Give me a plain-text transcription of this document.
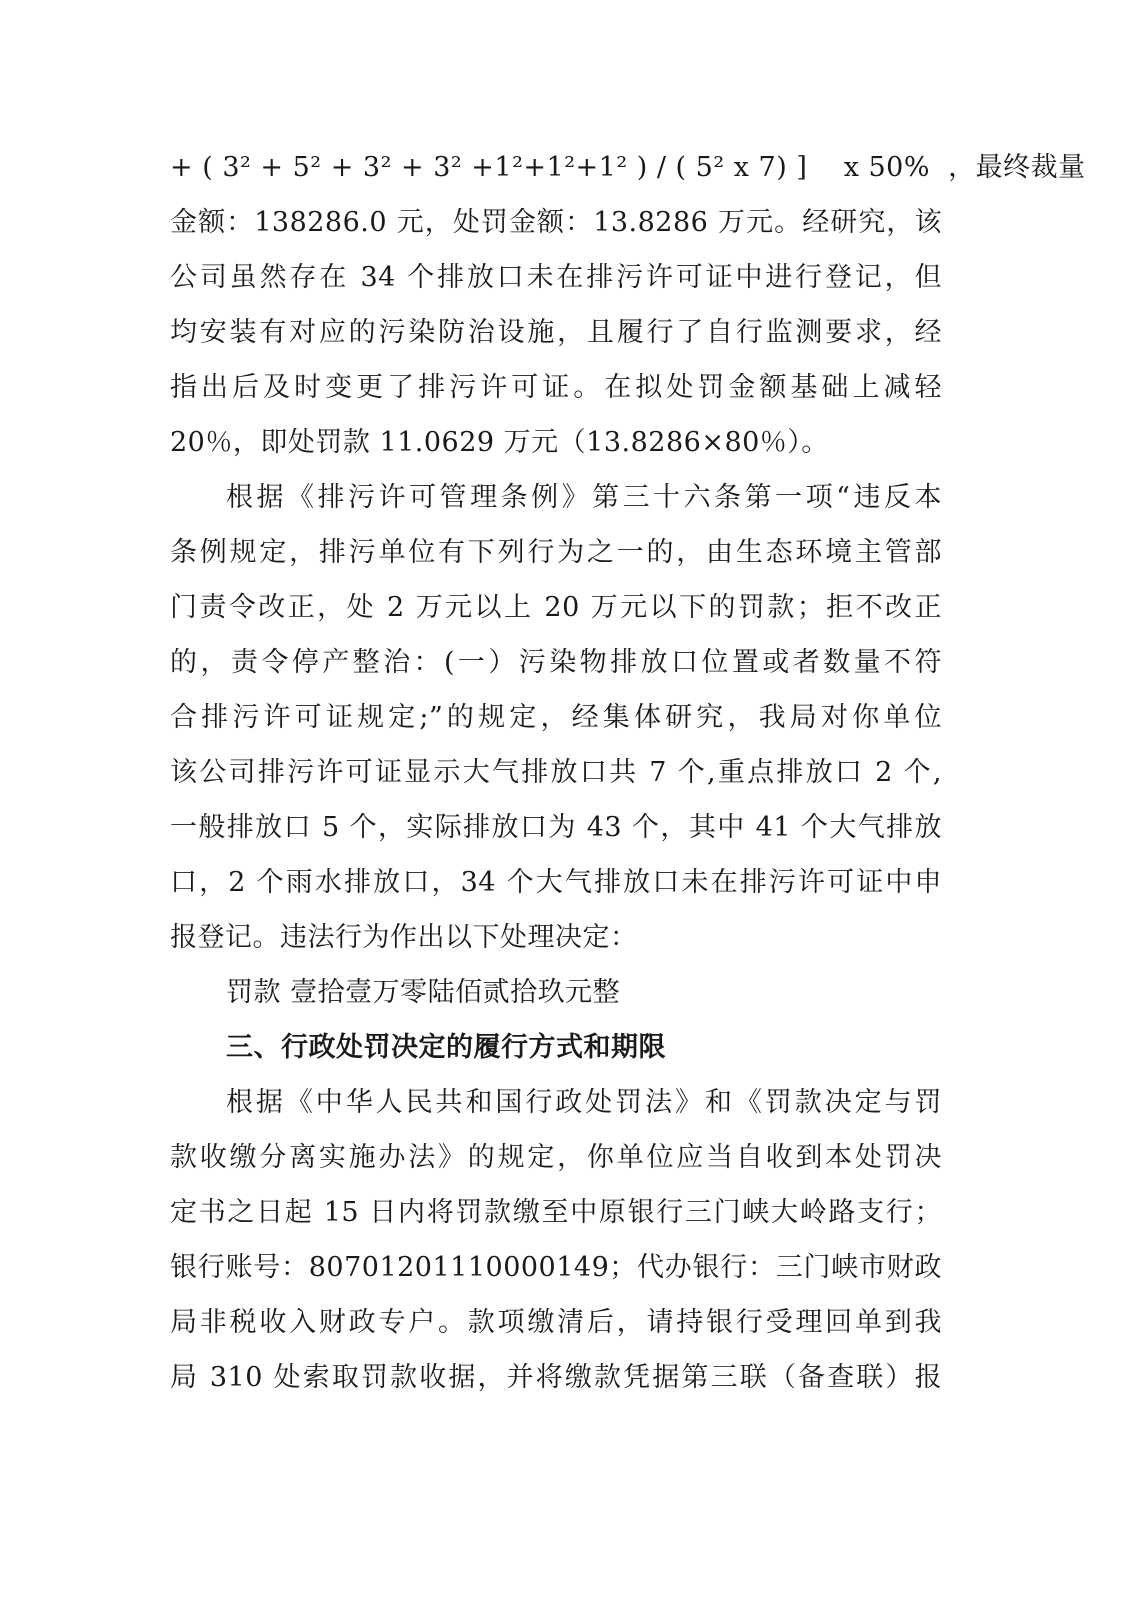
+ ( 3² + 5² + 3² + 3² +1²+1²+1² ) / ( 5² x 7) ]    x 50%  ，最终裁量
金额：138286.0 元，处罚金额：13.8286 万元。经研究，该
公司虽然存在 34 个排放口未在排污许可证中进行登记，但
均安装有对应的污染防治设施，且履行了自行监测要求，经
指出后及时变更了排污许可证。在拟处罚金额基础上减轻
20％，即处罚款 11.0629 万元（13.8286×80％）。
根据《排污许可管理条例》第三十六条第一项“违反本
条例规定，排污单位有下列行为之一的，由生态环境主管部
门责令改正，处 2 万元以上 20 万元以下的罚款；拒不改正
的，责令停产整治：(一）污染物排放口位置或者数量不符
合排污许可证规定;”的规定，经集体研究，我局对你单位
该公司排污许可证显示大气排放口共 7 个,重点排放口 2 个,
一般排放口 5 个，实际排放口为 43 个，其中 41 个大气排放
口，2 个雨水排放口，34 个大气排放口未在排污许可证中申
报登记。违法行为作出以下处理决定：
罚款 壹拾壹万零陆佰贰拾玖元整
三、行政处罚决定的履行方式和期限
根据《中华人民共和国行政处罚法》和《罚款决定与罚
款收缴分离实施办法》的规定，你单位应当自收到本处罚决
定书之日起 15 日内将罚款缴至中原银行三门峡大岭路支行；
银行账号：80701201110000149；代办银行：三门峡市财政
局非税收入财政专户。款项缴清后，请持银行受理回单到我
局 310 处索取罚款收据，并将缴款凭据第三联（备查联）报
